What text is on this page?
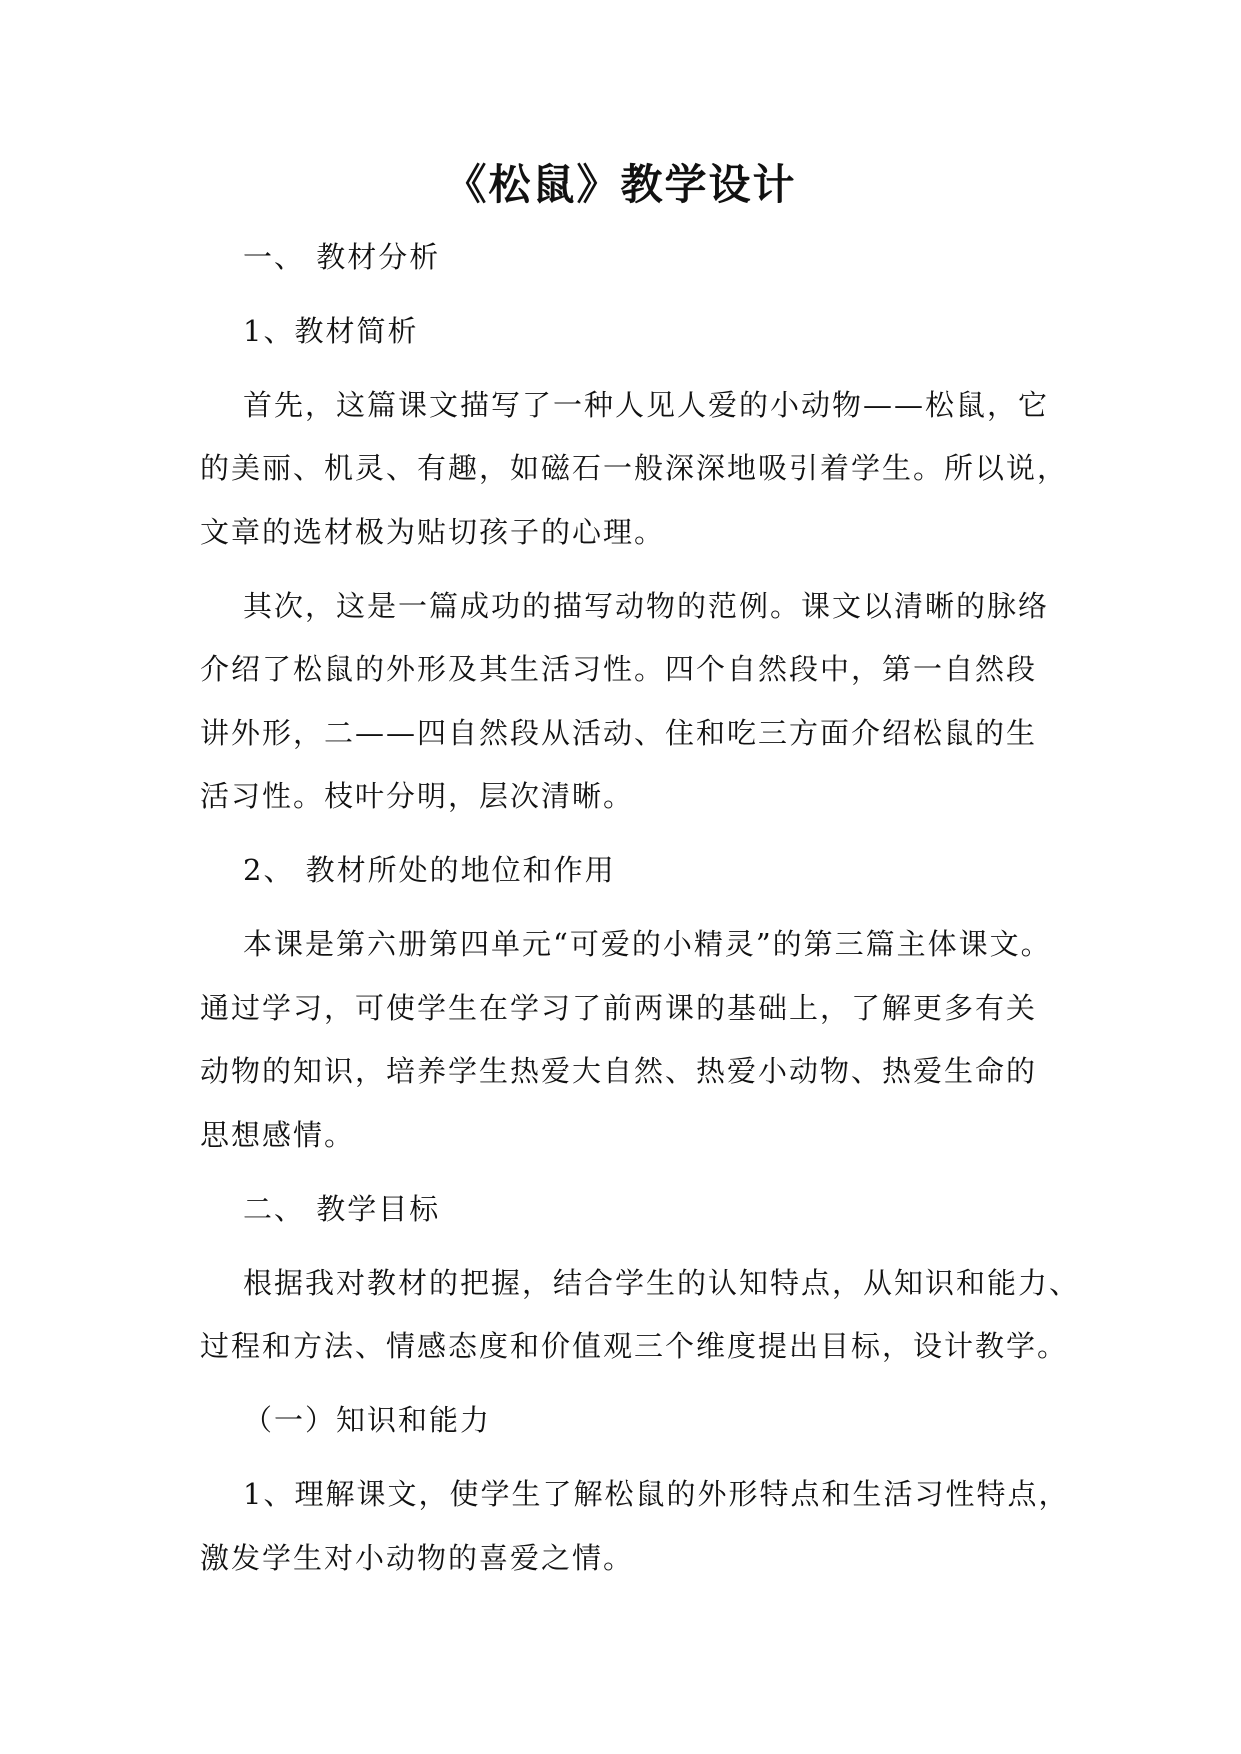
《松鼠》教学设计
一、 教材分析
1、教材简析
首先，这篇课文描写了一种人见人爱的小动物——松鼠，它
的美丽、机灵、有趣，如磁石一般深深地吸引着学生。所以说，
文章的选材极为贴切孩子的心理。
其次，这是一篇成功的描写动物的范例。课文以清晰的脉络
介绍了松鼠的外形及其生活习性。四个自然段中，第一自然段
讲外形，二——四自然段从活动、住和吃三方面介绍松鼠的生
活习性。枝叶分明，层次清晰。
2、 教材所处的地位和作用
本课是第六册第四单元“可爱的小精灵”的第三篇主体课文。
通过学习，可使学生在学习了前两课的基础上，了解更多有关
动物的知识，培养学生热爱大自然、热爱小动物、热爱生命的
思想感情。
二、 教学目标
根据我对教材的把握，结合学生的认知特点，从知识和能力、
过程和方法、情感态度和价值观三个维度提出目标，设计教学。
（一）知识和能力
1、理解课文，使学生了解松鼠的外形特点和生活习性特点，
激发学生对小动物的喜爱之情。
